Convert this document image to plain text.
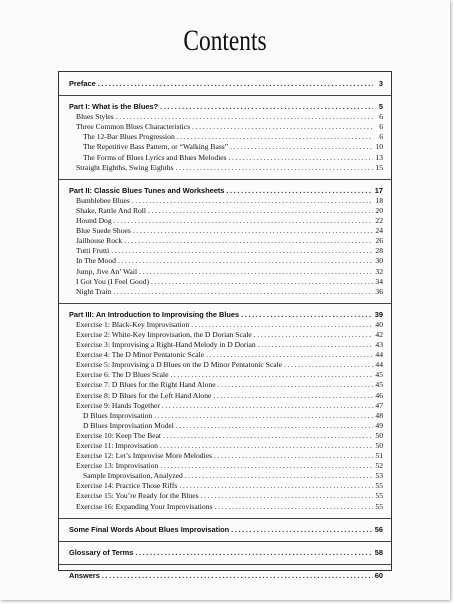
Contents
Preface .....	3
Part I: What is the Blues? .....	5
Blues Styles .....	6
Three Common Blues Characteristics .....	6
The 12-Bar Blues Progression .....	6
The Repetitive Bass Pattern, or “Walking Bass” .....	10
The Forms of Blues Lyrics and Blues Melodies .....	13
Straight Eighths, Swing Eighths .....	15
Part II: Classic Blues Tunes and Worksheets .....	17
Bumblebee Blues .....	18
Shake, Rattle And Roll .....	20
Hound Dog .....	22
Blue Suede Shoes .....	24
Jailhouse Rock .....	26
Tutti Frutti .....	28
In The Mood .....	30
Jump, Jive An’ Wail .....	32
I Got You (I Feel Good) .....	34
Night Train .....	36
Part III: An Introduction to Improvising the Blues .....	39
Exercise 1: Black-Key Improvisation .....	40
Exercise 2: White-Key Improvisation, the D Dorian Scale .....	42
Exercise 3: Improvising a Right-Hand Melody in D Dorian .....	43
Exercise 4: The D Minor Pentatonic Scale .....	44
Exercise 5: Improvising a D Blues on the D Minor Pentatonic Scale .....	44
Exercise 6: The D Blues Scale .....	45
Exercise 7: D Blues for the Right Hand Alone .....	45
Exercise 8: D Blues for the Left Hand Alone .....	46
Exercise 9: Hands Together .....	47
D Blues Improvisation .....	48
D Blues Improvisation Model .....	49
Exercise 10: Keep The Beat .....	50
Exercise 11: Improvisation .....	50
Exercise 12: Let’s Improvise More Melodies .....	51
Exercise 13: Improvisation .....	52
Sample Improvisation, Analyzed .....	53
Exercise 14: Practice Those Riffs .....	55
Exercise 15: You’re Ready for the Blues .....	55
Exercise 16: Expanding Your Improvisations .....	55
Some Final Words About Blues Improvisation .....	56
Glossary of Terms .....	58
Answers .....	60
